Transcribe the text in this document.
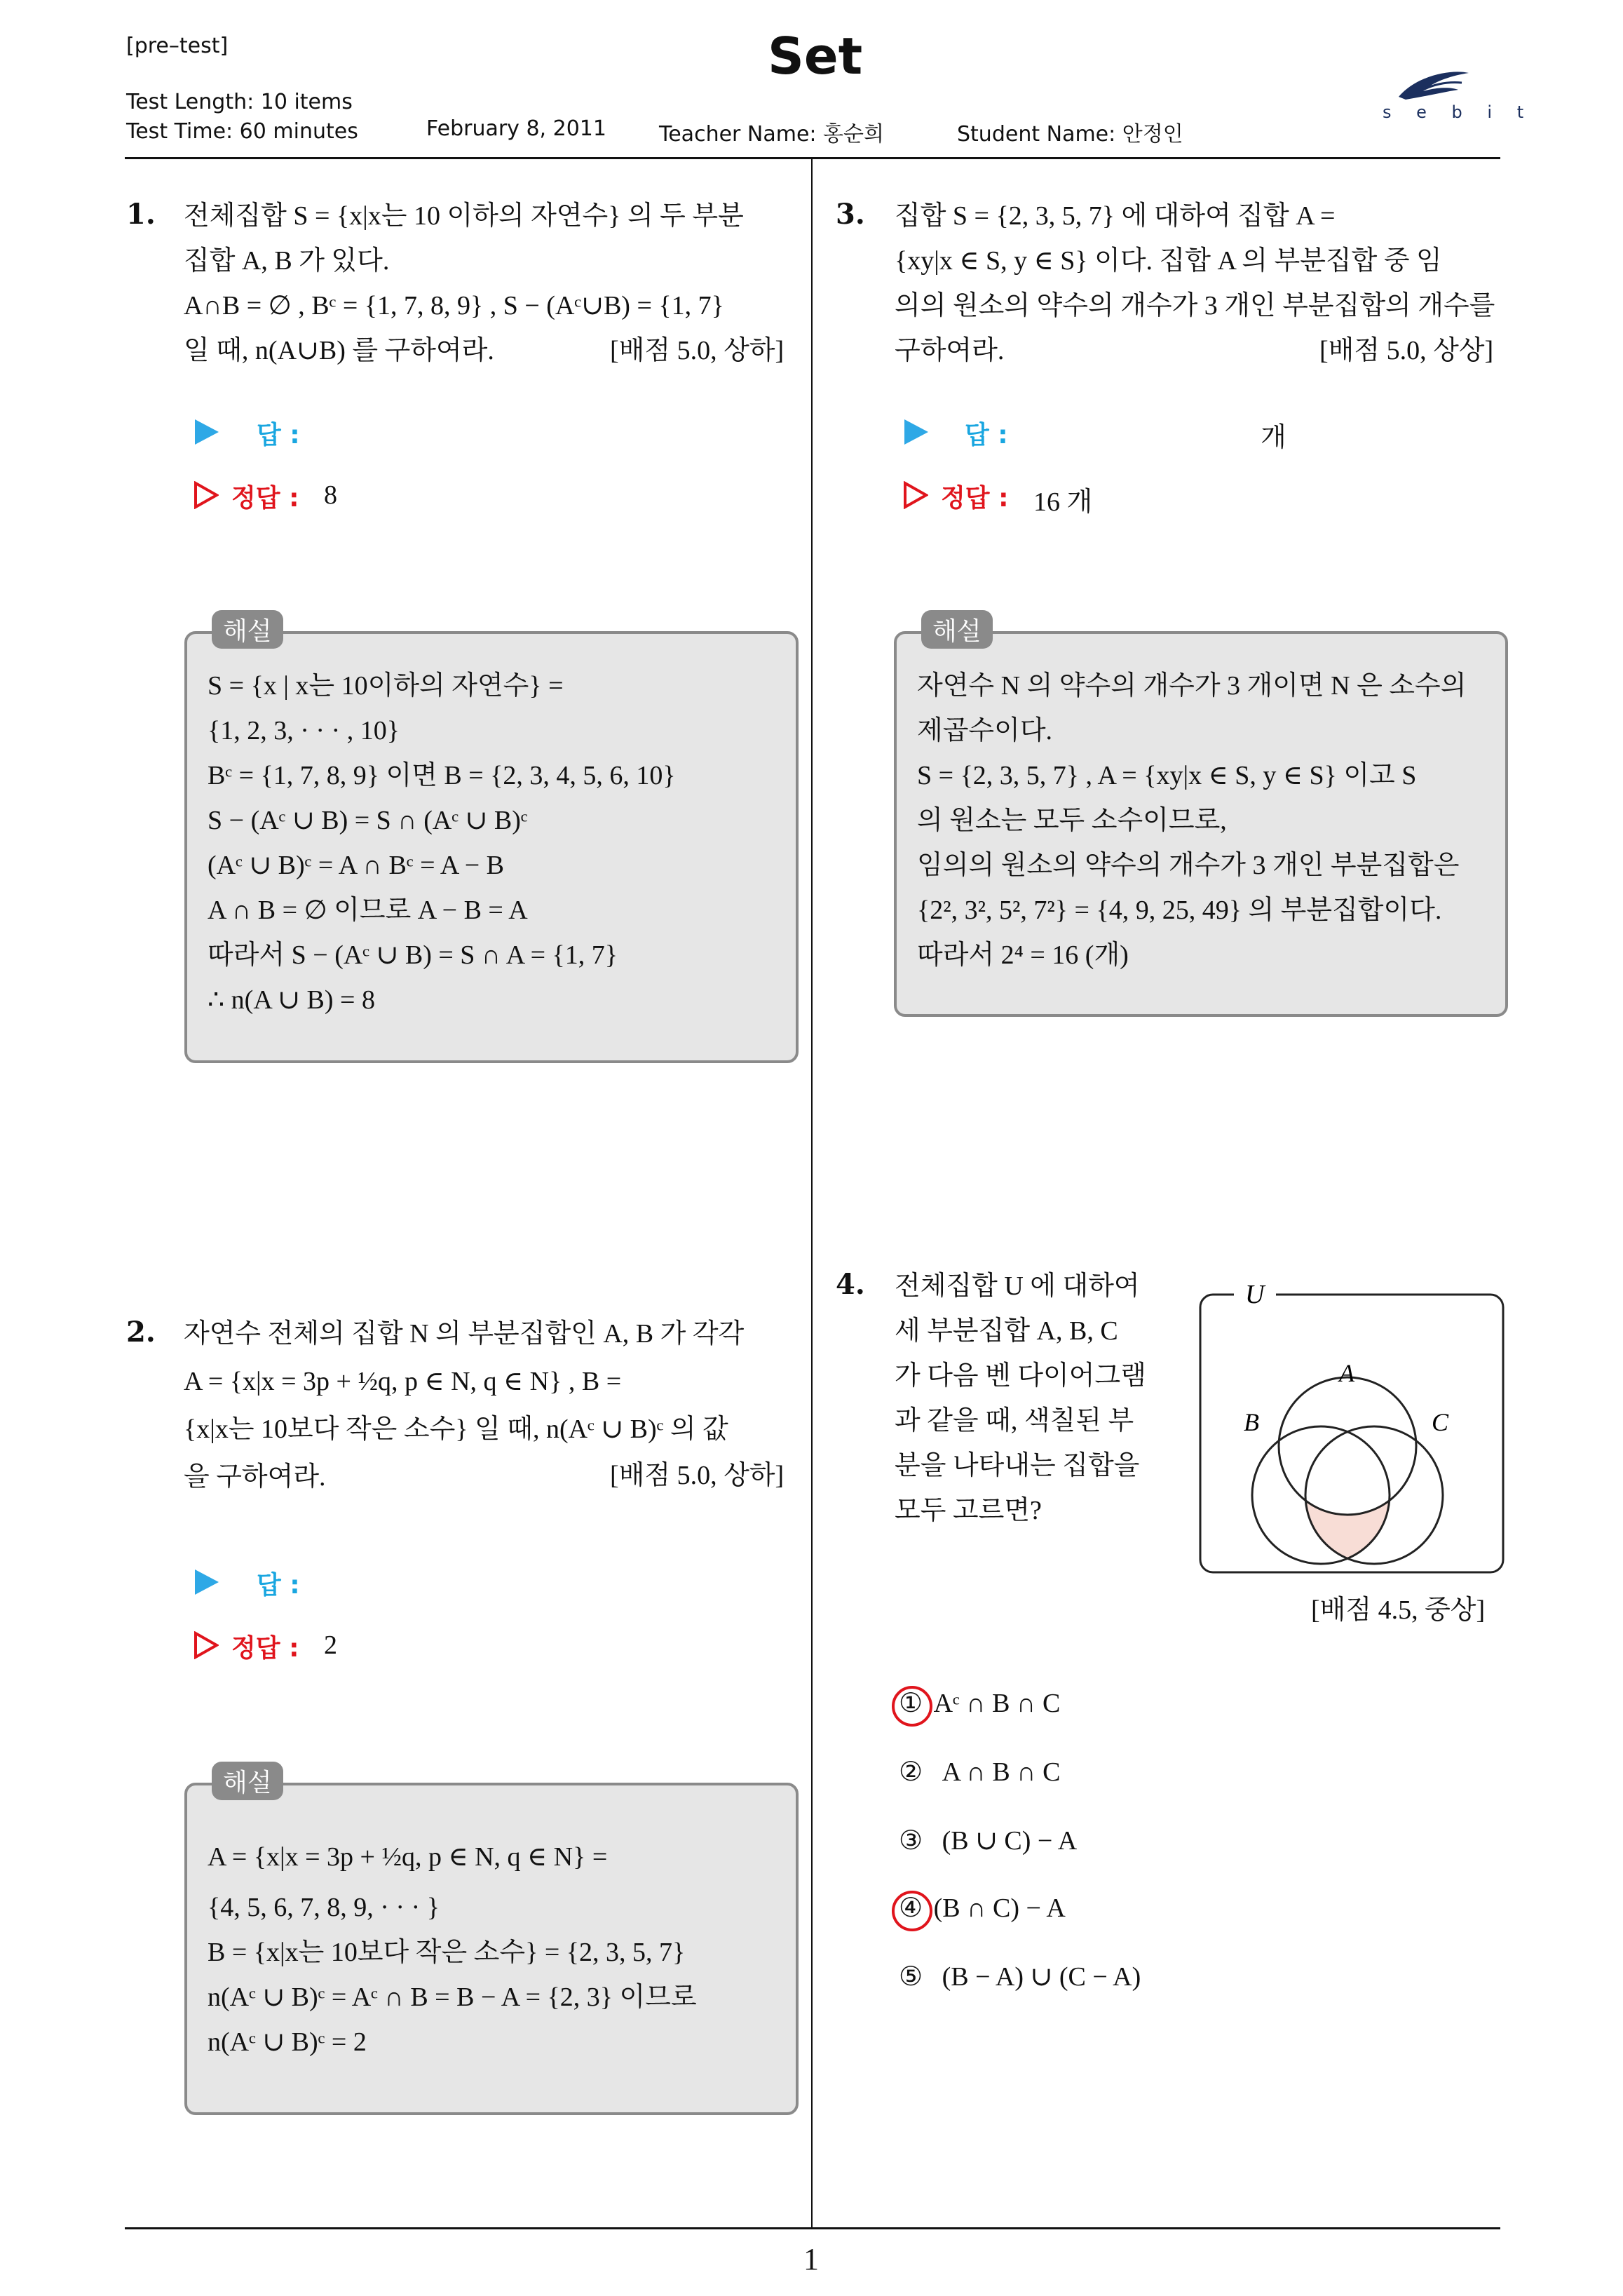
[pre–test]	Set
Test Length: 10 items
Test Time: 60 minutes	February 8, 2011	Teacher Name: 홍순희	Student Name: 안정인
s e b i t
1. 전체집합 S = {x|x는 10 이하의 자연수} 의 두 부분
집합 A, B 가 있다.
A∩B = ∅ , Bᶜ = {1, 7, 8, 9} , S − (Aᶜ∪B) = {1, 7}
일 때, n(A∪B) 를 구하여라.	[배점 5.0, 상하]
답 :
정답 : 8
해설
S = {x | x는 10이하의 자연수} =
{1, 2, 3, · · · , 10}
Bᶜ = {1, 7, 8, 9} 이면 B = {2, 3, 4, 5, 6, 10}
S − (Aᶜ ∪ B) = S ∩ (Aᶜ ∪ B)ᶜ
(Aᶜ ∪ B)ᶜ = A ∩ Bᶜ = A − B
A ∩ B = ∅ 이므로 A − B = A
따라서 S − (Aᶜ ∪ B) = S ∩ A = {1, 7}
∴ n(A ∪ B) = 8
2. 자연수 전체의 집합 N 의 부분집합인 A, B 가 각각
A = {x|x = 3p + ½q, p ∈ N, q ∈ N} , B =
{x|x는 10보다 작은 소수} 일 때, n(Aᶜ ∪ B)ᶜ 의 값
을 구하여라.	[배점 5.0, 상하]
답 :
정답 : 2
해설
A = {x|x = 3p + ½q, p ∈ N, q ∈ N} =
{4, 5, 6, 7, 8, 9, · · · }
B = {x|x는 10보다 작은 소수} = {2, 3, 5, 7}
n(Aᶜ ∪ B)ᶜ = Aᶜ ∩ B = B − A = {2, 3} 이므로
n(Aᶜ ∪ B)ᶜ = 2
3. 집합 S = {2, 3, 5, 7} 에 대하여 집합 A =
{xy|x ∈ S, y ∈ S} 이다. 집합 A 의 부분집합 중 임
의의 원소의 약수의 개수가 3 개인 부분집합의 개수를
구하여라.	[배점 5.0, 상상]
답 :	개
정답 : 16 개
해설
자연수 N 의 약수의 개수가 3 개이면 N 은 소수의
제곱수이다.
S = {2, 3, 5, 7} , A = {xy|x ∈ S, y ∈ S} 이고 S
의 원소는 모두 소수이므로,
임의의 원소의 약수의 개수가 3 개인 부분집합은
{2², 3², 5², 7²} = {4, 9, 25, 49} 의 부분집합이다.
따라서 2⁴ = 16 (개)
4. 전체집합 U 에 대하여
세 부분집합 A, B, C
가 다음 벤 다이어그램
과 같을 때, 색칠된 부
분을 나타내는 집합을
모두 고르면?
U
A
B	C
[배점 4.5, 중상]
① Aᶜ ∩ B ∩ C
② A ∩ B ∩ C
③ (B ∪ C) − A
④ (B ∩ C) − A
⑤ (B − A) ∪ (C − A)
1
